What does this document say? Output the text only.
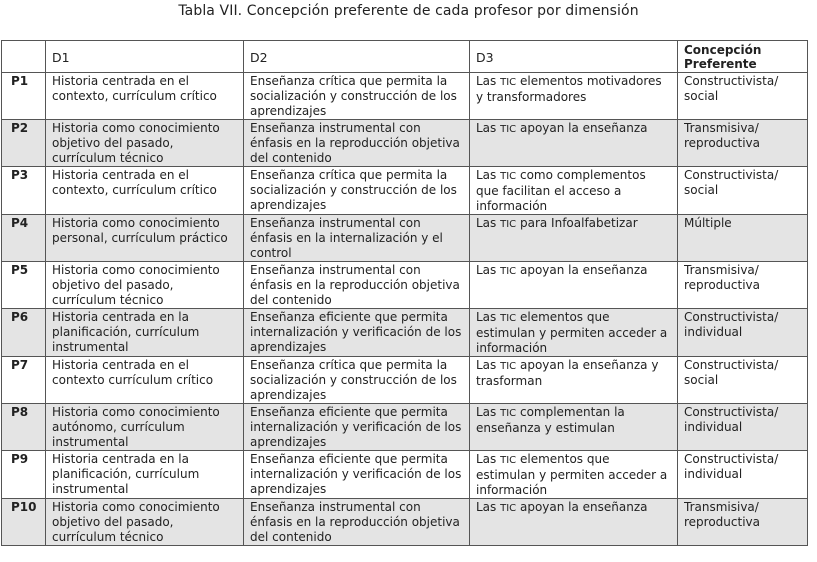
Tabla VII. Concepción preferente de cada profesor por dimensión
	D1	D2	D3	Concepción Preferente

P1	Historia centrada en el contexto, currículum crítico	Enseñanza crítica que permita la socialización y construcción de los aprendizajes	Las TIC elementos motivadores y transformadores	Constructivista/ social

P2	Historia como conocimiento objetivo del pasado, currículum técnico	Enseñanza instrumental con énfasis en la reproducción objetiva del contenido	Las TIC apoyan la enseñanza	Transmisiva/ reproductiva

P3	Historia centrada en el contexto, currículum crítico	Enseñanza crítica que permita la socialización y construcción de los aprendizajes	Las TIC como complementos que facilitan el acceso a información	Constructivista/ social

P4	Historia como conocimiento personal, currículum práctico	Enseñanza instrumental con énfasis en la internalización y el control	Las TIC para Infoalfabetizar	Múltiple

P5	Historia como conocimiento objetivo del pasado, currículum técnico	Enseñanza instrumental con énfasis en la reproducción objetiva del contenido	Las TIC apoyan la enseñanza	Transmisiva/ reproductiva

P6	Historia centrada en la planificación, currículum instrumental	Enseñanza eficiente que permita internalización y verificación de los aprendizajes	Las TIC elementos que estimulan y permiten acceder a información	Constructivista/ individual

P7	Historia centrada en el contexto currículum crítico	Enseñanza crítica que permita la socialización y construcción de los aprendizajes	Las TIC apoyan la enseñanza y trasforman	Constructivista/ social

P8	Historia como conocimiento autónomo, currículum instrumental	Enseñanza eficiente que permita internalización y verificación de los aprendizajes	Las TIC complementan la enseñanza y estimulan	Constructivista/ individual

P9	Historia centrada en la planificación, currículum instrumental	Enseñanza eficiente que permita internalización y verificación de los aprendizajes	Las TIC elementos que estimulan y permiten acceder a información	Constructivista/ individual

P10	Historia como conocimiento objetivo del pasado, currículum técnico	Enseñanza instrumental con énfasis en la reproducción objetiva del contenido	Las TIC apoyan la enseñanza	Transmisiva/ reproductiva
